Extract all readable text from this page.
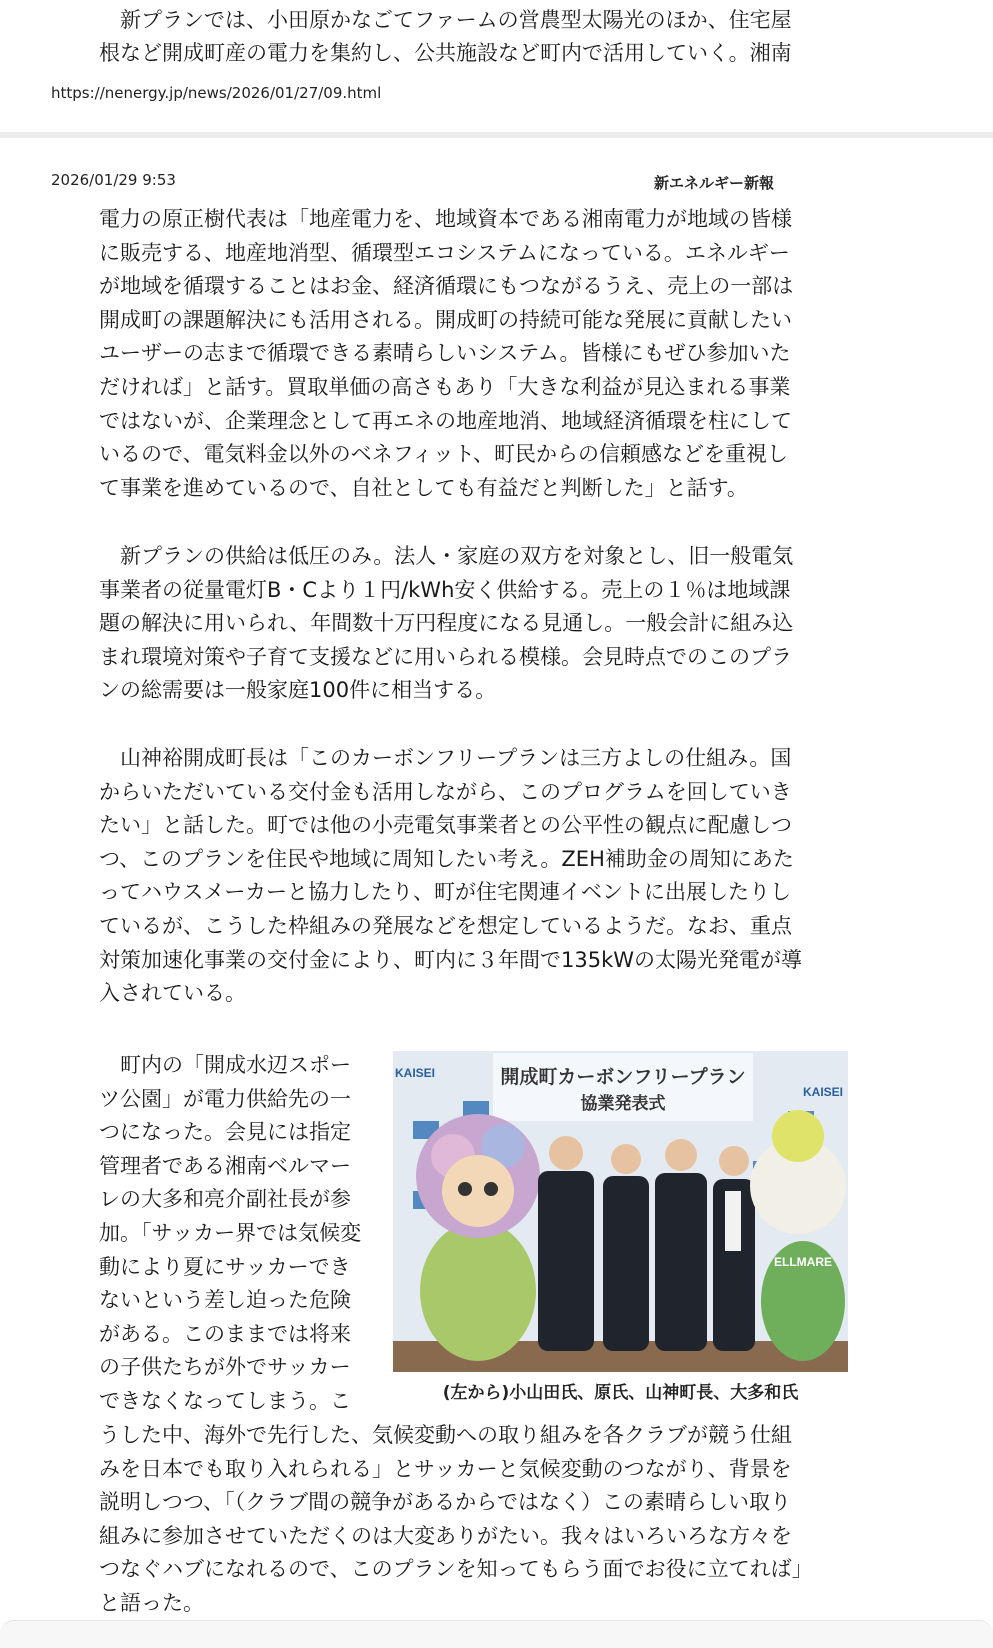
　新プランでは、小田原かなごてファームの営農型太陽光のほか、住宅屋
根など開成町産の電力を集約し、公共施設など町内で活用していく。湘南

https://nenergy.jp/news/2026/01/27/09.html
2026/01/29 9:53	新エネルギー新報

電力の原正樹代表は「地産電力を、地域資本である湘南電力が地域の皆様
に販売する、地産地消型、循環型エコシステムになっている。エネルギー
が地域を循環することはお金、経済循環にもつながるうえ、売上の一部は
開成町の課題解決にも活用される。開成町の持続可能な発展に貢献したい
ユーザーの志まで循環できる素晴らしいシステム。皆様にもぜひ参加いた
だければ」と話す。買取単価の高さもあり「大きな利益が見込まれる事業
ではないが、企業理念として再エネの地産地消、地域経済循環を柱にして
いるので、電気料金以外のベネフィット、町民からの信頼感などを重視し
て事業を進めているので、自社としても有益だと判断した」と話す。

　新プランの供給は低圧のみ。法人・家庭の双方を対象とし、旧一般電気
事業者の従量電灯B・Cより１円/kWh安く供給する。売上の１％は地域課
題の解決に用いられ、年間数十万円程度になる見通し。一般会計に組み込
まれ環境対策や子育て支援などに用いられる模様。会見時点でのこのプラ
ンの総需要は一般家庭100件に相当する。

　山神裕開成町長は「このカーボンフリープランは三方よしの仕組み。国
からいただいている交付金も活用しながら、このプログラムを回していき
たい」と話した。町では他の小売電気事業者との公平性の観点に配慮しつ
つ、このプランを住民や地域に周知したい考え。ZEH補助金の周知にあた
ってハウスメーカーと協力したり、町が住宅関連イベントに出展したりし
ているが、こうした枠組みの発展などを想定しているようだ。なお、重点
対策加速化事業の交付金により、町内に３年間で135kWの太陽光発電が導
入されている。

　町内の「開成水辺スポー
ツ公園」が電力供給先の一
つになった。会見には指定
管理者である湘南ベルマー
レの大多和亮介副社長が参
加。「サッカー界では気候変
動により夏にサッカーでき
ないという差し迫った危険
がある。このままでは将来
の子供たちが外でサッカー
できなくなってしまう。こ

うした中、海外で先行した、気候変動への取り組みを各クラブが競う仕組
みを日本でも取り入れられる」とサッカーと気候変動のつながり、背景を
説明しつつ、「（クラブ間の競争があるからではなく）この素晴らしい取り
組みに参加させていただくのは大変ありがたい。我々はいろいろな方々を
つなぐハブになれるので、このプランを知ってもらう面でお役に立てれば」
と語った。

KAISEI
KAISEI
開成町カーボンフリープラン
協業発表式
ELLMARE
(左から)小山田氏、原氏、山神町長、大多和氏
